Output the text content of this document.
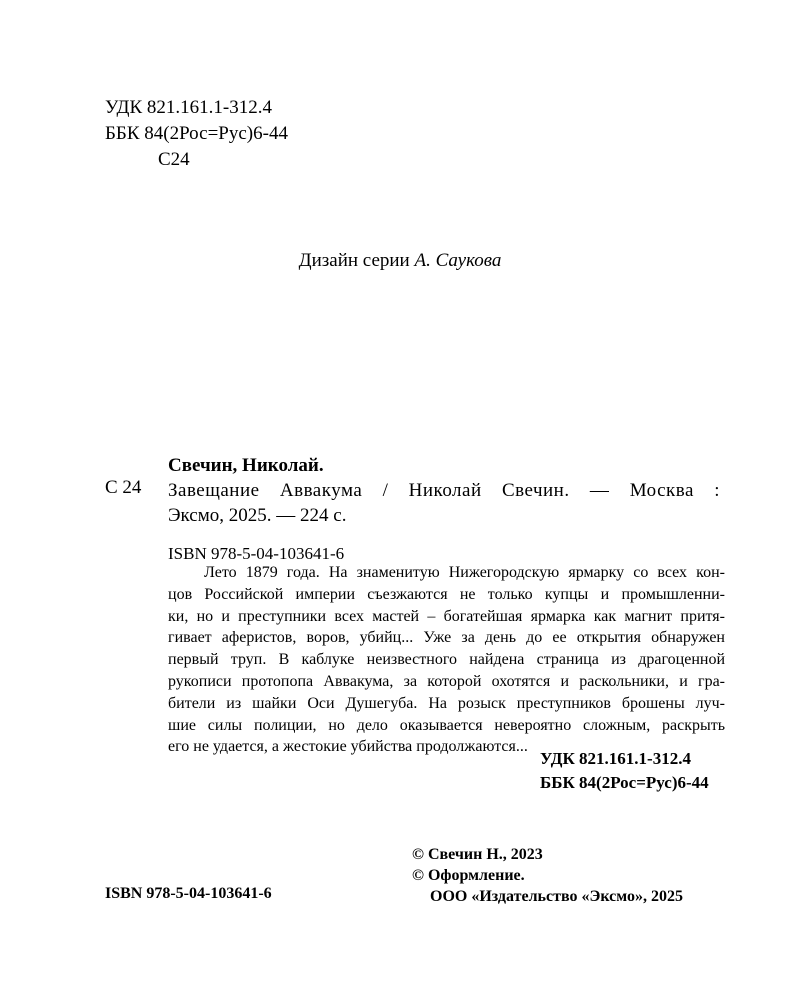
УДК 821.161.1-312.4
ББК 84(2Рос=Рус)6-44
С24
Дизайн серии А. Саукова
С 24
Свечин, Николай.
Завещание Аввакума / Николай Свечин. — Москва :
Эксмо, 2025. — 224 с.
ISBN 978-5-04-103641-6
Лето 1879 года. На знаменитую Нижегородскую ярмарку со всех кон-
цов Российской империи съезжаются не только купцы и промышленни-
ки, но и преступники всех мастей – богатейшая ярмарка как магнит притя-
гивает аферистов, воров, убийц... Уже за день до ее открытия обнаружен
первый труп. В каблуке неизвестного найдена страница из драгоценной
рукописи протопопа Аввакума, за которой охотятся и раскольники, и гра-
бители из шайки Оси Душегуба. На розыск преступников брошены луч-
шие силы полиции, но дело оказывается невероятно сложным, раскрыть
его не удается, а жестокие убийства продолжаются...
УДК 821.161.1-312.4
ББК 84(2Рос=Рус)6-44
© Свечин Н., 2023
© Оформление.
ООО «Издательство «Эксмо», 2025
ISBN 978-5-04-103641-6
